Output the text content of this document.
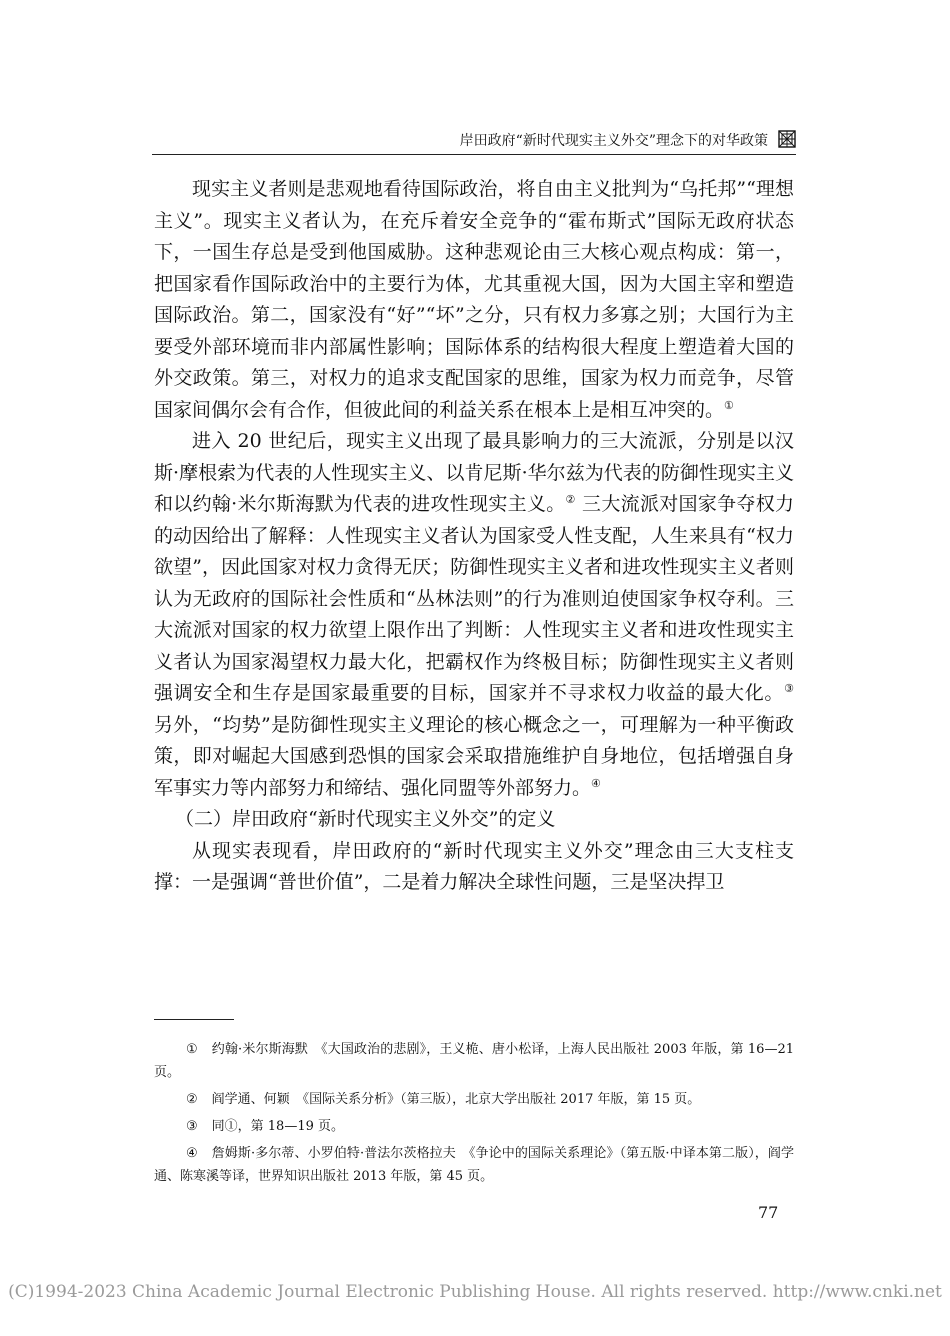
岸田政府“新时代现实主义外交”理念下的对华政策

现实主义者则是悲观地看待国际政治，将自由主义批判为“乌托邦”“理想主义”。现实主义者认为，在充斥着安全竞争的“霍布斯式”国际无政府状态下，一国生存总是受到他国威胁。这种悲观论由三大核心观点构成：第一，把国家看作国际政治中的主要行为体，尤其重视大国，因为大国主宰和塑造国际政治。第二，国家没有“好”“坏”之分，只有权力多寡之别；大国行为主要受外部环境而非内部属性影响；国际体系的结构很大程度上塑造着大国的外交政策。第三，对权力的追求支配国家的思维，国家为权力而竞争，尽管国家间偶尔会有合作，但彼此间的利益关系在根本上是相互冲突的。①

进入 20 世纪后，现实主义出现了最具影响力的三大流派，分别是以汉斯·摩根索为代表的人性现实主义、以肯尼斯·华尔兹为代表的防御性现实主义和以约翰·米尔斯海默为代表的进攻性现实主义。② 三大流派对国家争夺权力的动因给出了解释：人性现实主义者认为国家受人性支配，人生来具有“权力欲望”，因此国家对权力贪得无厌；防御性现实主义者和进攻性现实主义者则认为无政府的国际社会性质和“丛林法则”的行为准则迫使国家争权夺利。三大流派对国家的权力欲望上限作出了判断：人性现实主义者和进攻性现实主义者认为国家渴望权力最大化，把霸权作为终极目标；防御性现实主义者则强调安全和生存是国家最重要的目标，国家并不寻求权力收益的最大化。③ 另外，“均势”是防御性现实主义理论的核心概念之一，可理解为一种平衡政策，即对崛起大国感到恐惧的国家会采取措施维护自身地位，包括增强自身军事实力等内部努力和缔结、强化同盟等外部努力。④

（二）岸田政府“新时代现实主义外交”的定义

从现实表现看，岸田政府的“新时代现实主义外交”理念由三大支柱支撑：一是强调“普世价值”，二是着力解决全球性问题，三是坚决捍卫

① 约翰·米尔斯海默　《大国政治的悲剧》，王义桅、唐小松译，上海人民出版社 2003 年版，第 16—21 页。

② 阎学通、何颖　《国际关系分析》（第三版），北京大学出版社 2017 年版，第 15 页。

③ 同①，第 18—19 页。

④ 詹姆斯·多尔蒂、小罗伯特·普法尔茨格拉夫　《争论中的国际关系理论》（第五版·中译本第二版），阎学通、陈寒溪等译，世界知识出版社 2013 年版，第 45 页。

77
(C)1994-2023 China Academic Journal Electronic Publishing House. All rights reserved. http://www.cnki.net
